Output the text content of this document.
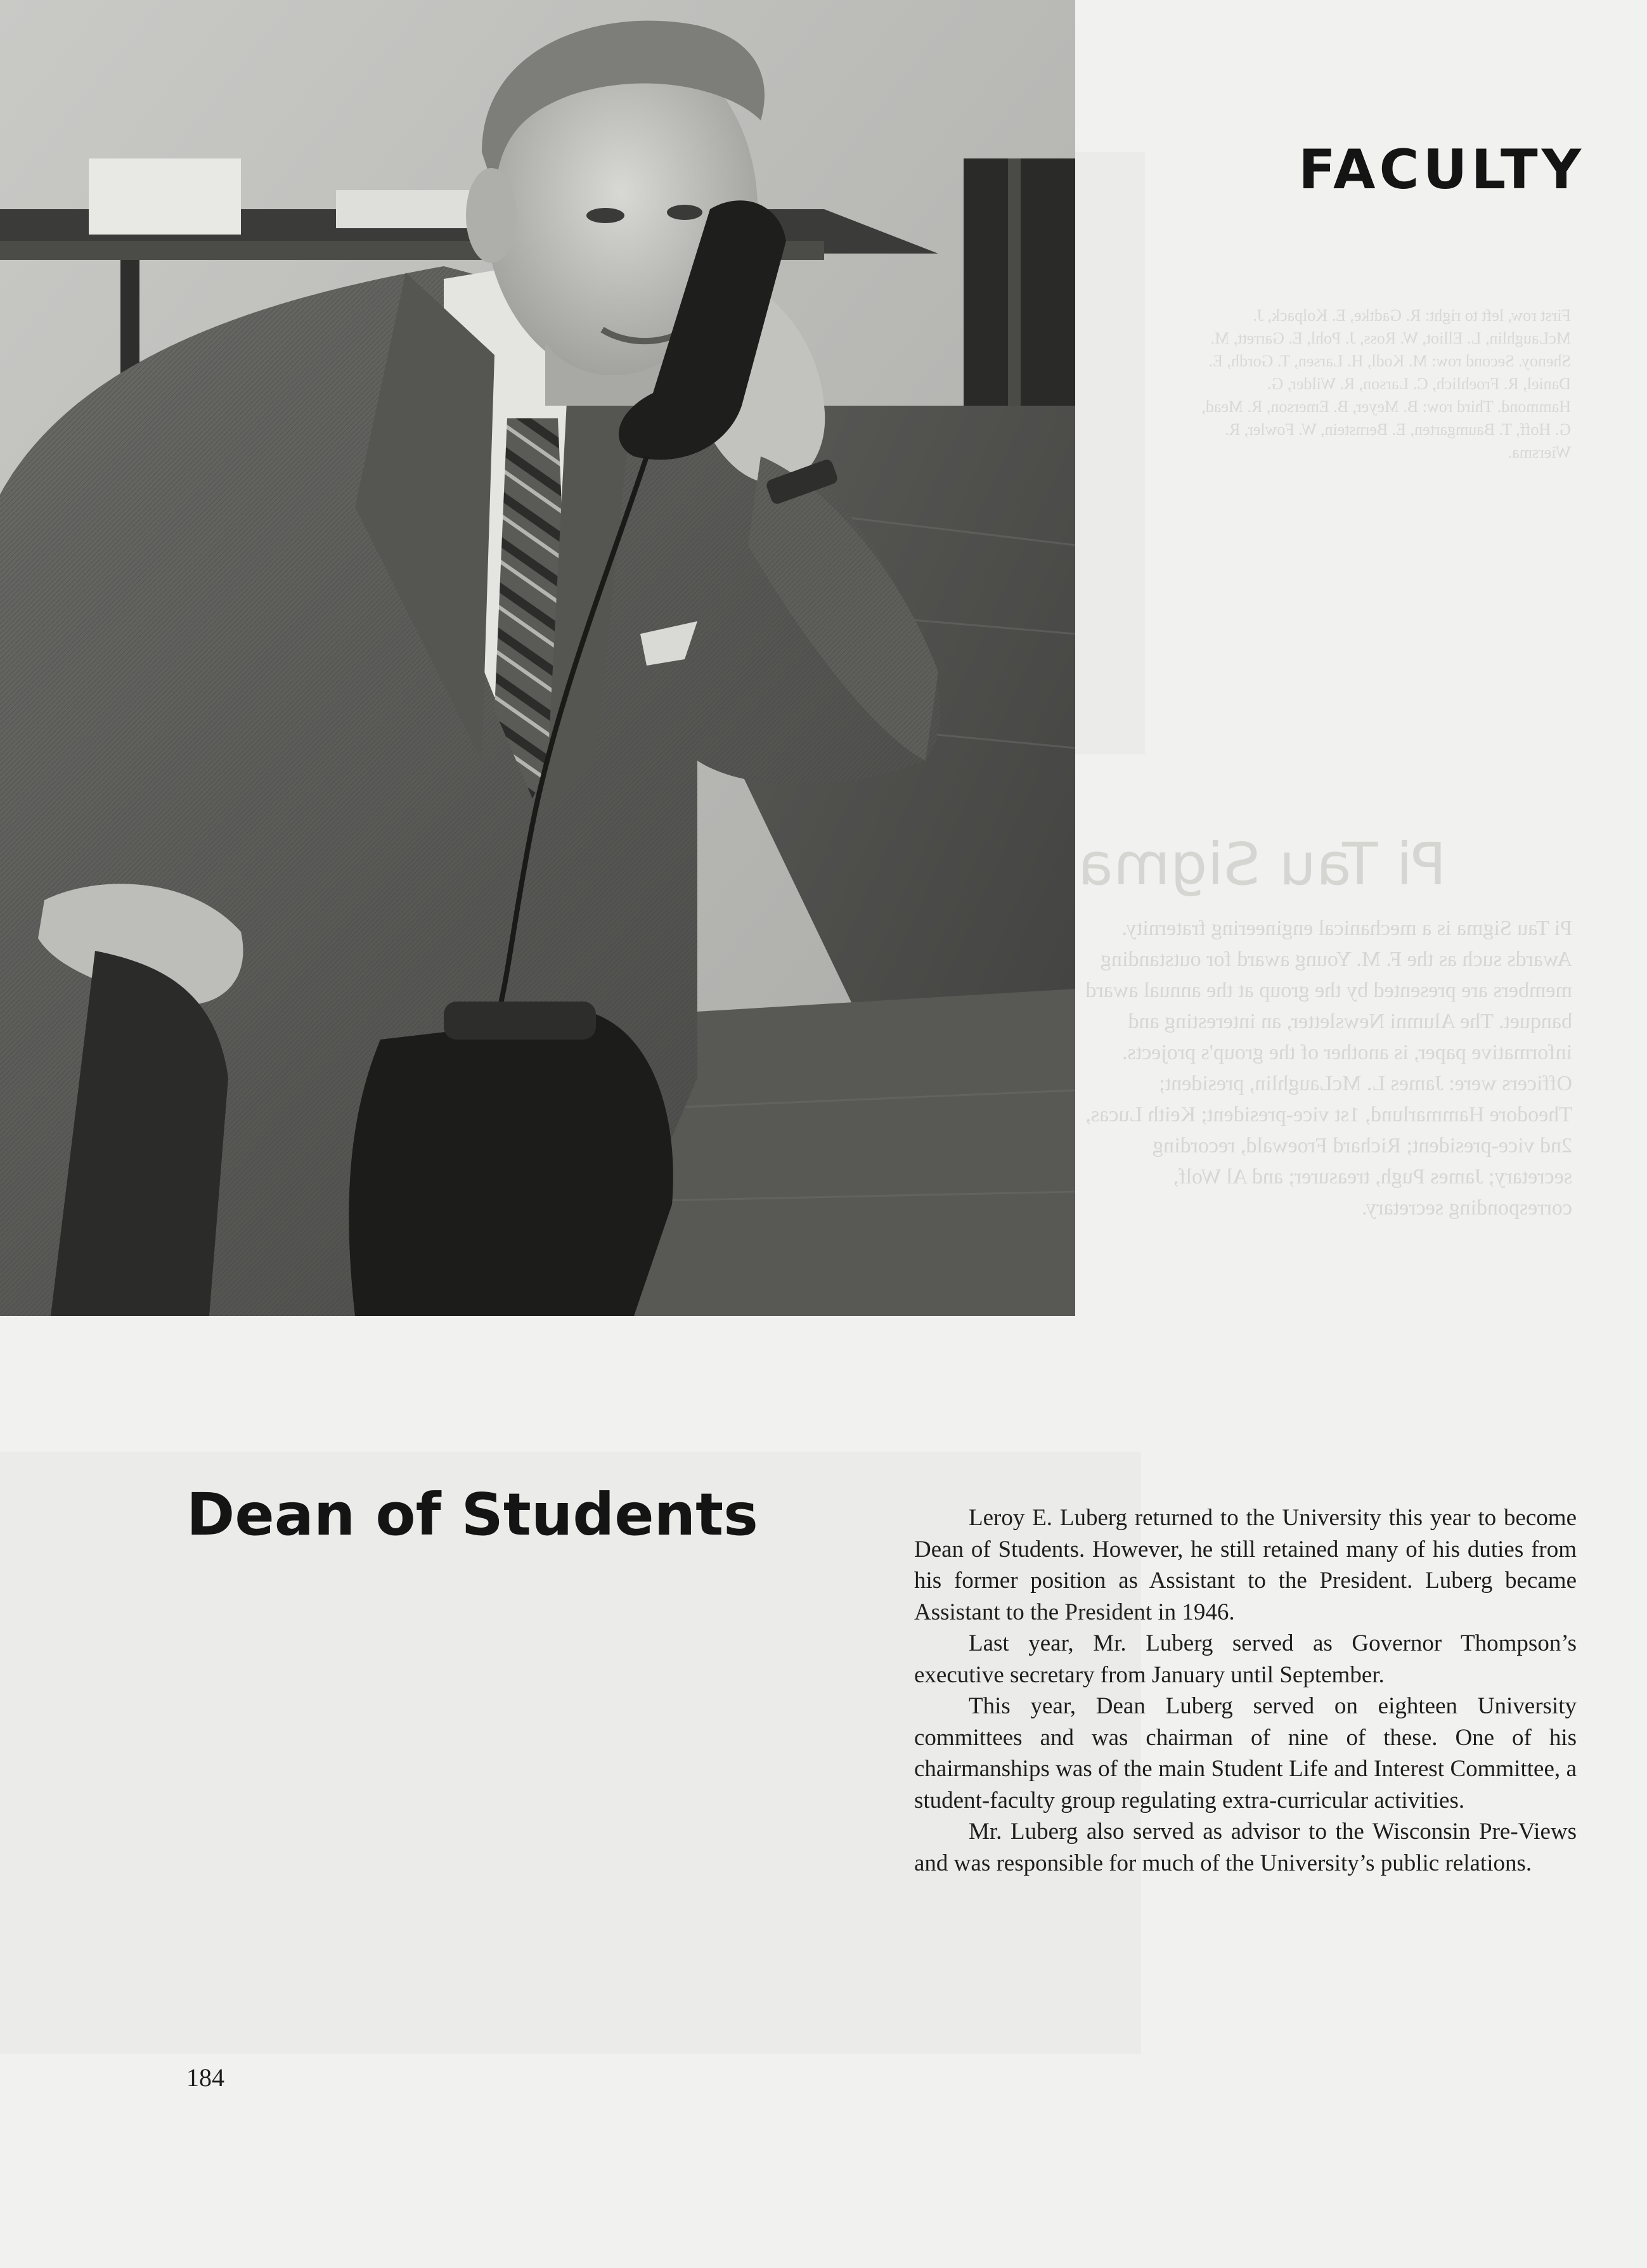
Pi Tau Sigma
First row, left to right: R. Gadtke, E. Kolpack, J. McLaughlin, L. Elliot, W. Ross, J. Pohl, E. Garrett, M. Shenoy. Second row: M. Kodl, H. Larsen, T. Gordh, E. Daniel, R. Froehlich, C. Larson, R. Wilder, G. Hammond. Third row: B. Meyer, B. Emerson, R. Mead, G. Hoff, T. Baumgarten, E. Bernstein, W. Fowler, R. Wiersma.
Pi Tau Sigma is a mechanical engineering fraternity. Awards such as the F. M. Young award for outstanding members are presented by the group at the annual award banquet. The Alumni Newsletter, an interesting and informative paper, is another of the group's projects. Officers were: James L. McLaughlin, president; Theodore Hammarlund, 1st vice-president; Keith Lucas, 2nd vice-president; Richard Froewald, recording secretary; James Pugh, treasurer; and Al Wolf, corresponding secretary.
FACULTY
Dean of Students	Leroy E. Luberg returned to the University this year to become Dean of Students. However, he still retained many of his duties from his former position as Assistant to the President. Luberg became Assistant to the President in 1946.

Last year, Mr. Luberg served as Governor Thompson’s executive secretary from January until September.

This year, Dean Luberg served on eighteen University committees and was chairman of nine of these. One of his chairmanships was of the main Student Life and Interest Committee, a student-faculty group regulating extra-curricular activities.

Mr. Luberg also served as advisor to the Wisconsin Pre-Views and was responsible for much of the University’s public relations.

184
